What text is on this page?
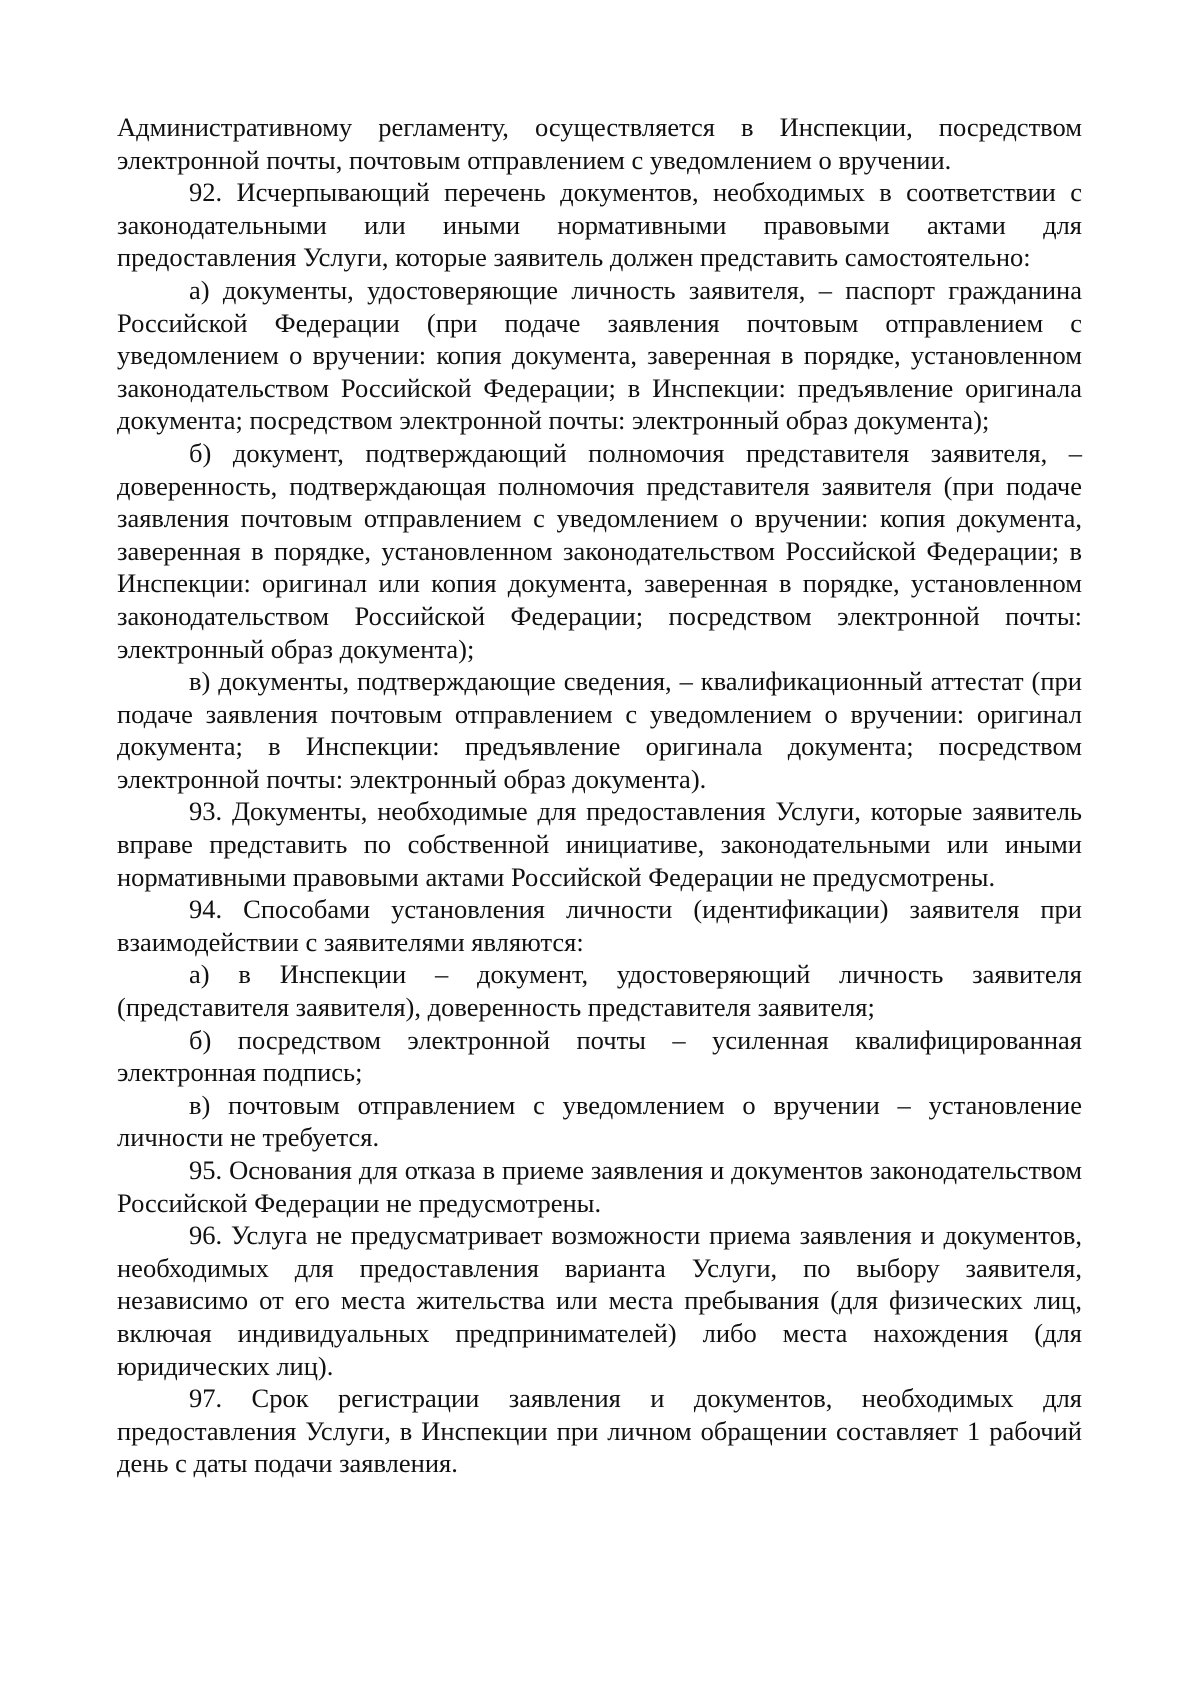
Административному регламенту, осуществляется в Инспекции, посредством электронной почты, почтовым отправлением с уведомлением о вручении.

92. Исчерпывающий перечень документов, необходимых в соответствии с законодательными или иными нормативными правовыми актами для предоставления Услуги, которые заявитель должен представить самостоятельно:

а) документы, удостоверяющие личность заявителя, – паспорт гражданина Российской Федерации (при подаче заявления почтовым отправлением с уведомлением о вручении: копия документа, заверенная в порядке, установленном законодательством Российской Федерации; в Инспекции: предъявление оригинала документа; посредством электронной почты: электронный образ документа);

б) документ, подтверждающий полномочия представителя заявителя, – доверенность, подтверждающая полномочия представителя заявителя (при подаче заявления почтовым отправлением с уведомлением о вручении: копия документа, заверенная в порядке, установленном законодательством Российской Федерации; в Инспекции: оригинал или копия документа, заверенная в порядке, установленном законодательством Российской Федерации; посредством электронной почты: электронный образ документа);

в) документы, подтверждающие сведения, – квалификационный аттестат (при подаче заявления почтовым отправлением с уведомлением о вручении: оригинал документа; в Инспекции: предъявление оригинала документа; посредством электронной почты: электронный образ документа).

93. Документы, необходимые для предоставления Услуги, которые заявитель вправе представить по собственной инициативе, законодательными или иными нормативными правовыми актами Российской Федерации не предусмотрены.

94. Способами установления личности (идентификации) заявителя при взаимодействии с заявителями являются:

а) в Инспекции – документ, удостоверяющий личность заявителя (представителя заявителя), доверенность представителя заявителя;

б) посредством электронной почты – усиленная квалифицированная электронная подпись;

в) почтовым отправлением с уведомлением о вручении – установление личности не требуется.

95. Основания для отказа в приеме заявления и документов законодательством Российской Федерации не предусмотрены.

96. Услуга не предусматривает возможности приема заявления и документов, необходимых для предоставления варианта Услуги, по выбору заявителя, независимо от его места жительства или места пребывания (для физических лиц, включая индивидуальных предпринимателей) либо места нахождения (для юридических лиц).

97. Срок регистрации заявления и документов, необходимых для предоставления Услуги, в Инспекции при личном обращении составляет 1 рабочий день с даты подачи заявления.
